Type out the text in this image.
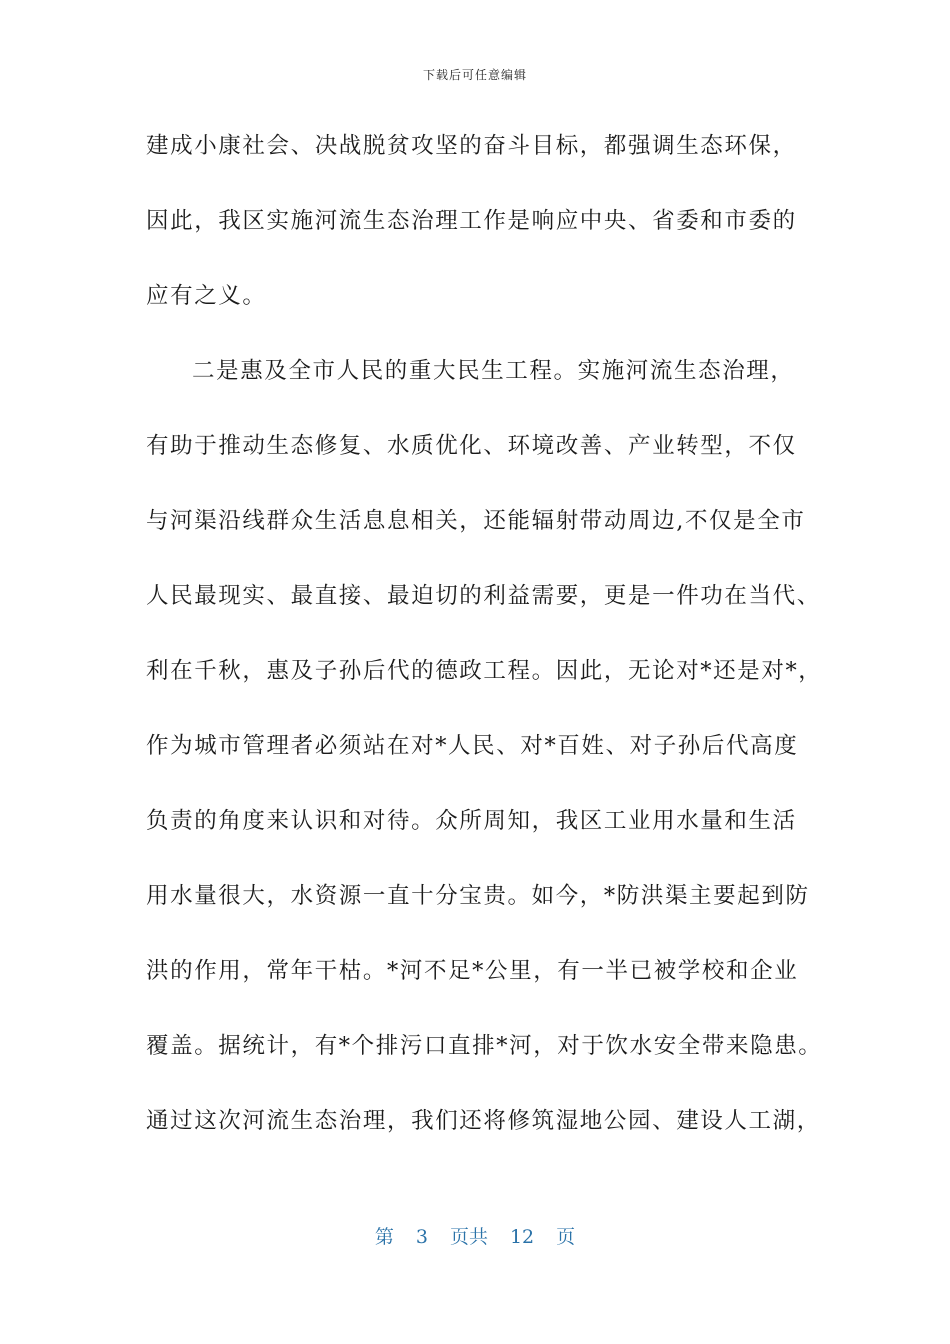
下载后可任意编辑
建成小康社会、决战脱贫攻坚的奋斗目标，都强调生态环保，
因此，我区实施河流生态治理工作是响应中央、省委和市委的
应有之义。
二是惠及全市人民的重大民生工程。实施河流生态治理，
有助于推动生态修复、水质优化、环境改善、产业转型，不仅
与河渠沿线群众生活息息相关，还能辐射带动周边,不仅是全市
人民最现实、最直接、最迫切的利益需要，更是一件功在当代、
利在千秋，惠及子孙后代的德政工程。因此，无论对*还是对*，
作为城市管理者必须站在对*人民、对*百姓、对子孙后代高度
负责的角度来认识和对待。众所周知，我区工业用水量和生活
用水量很大，水资源一直十分宝贵。如今，*防洪渠主要起到防
洪的作用，常年干枯。*河不足*公里，有一半已被学校和企业
覆盖。据统计，有*个排污口直排*河，对于饮水安全带来隐患。
通过这次河流生态治理，我们还将修筑湿地公园、建设人工湖，
第 3 页共 12 页
